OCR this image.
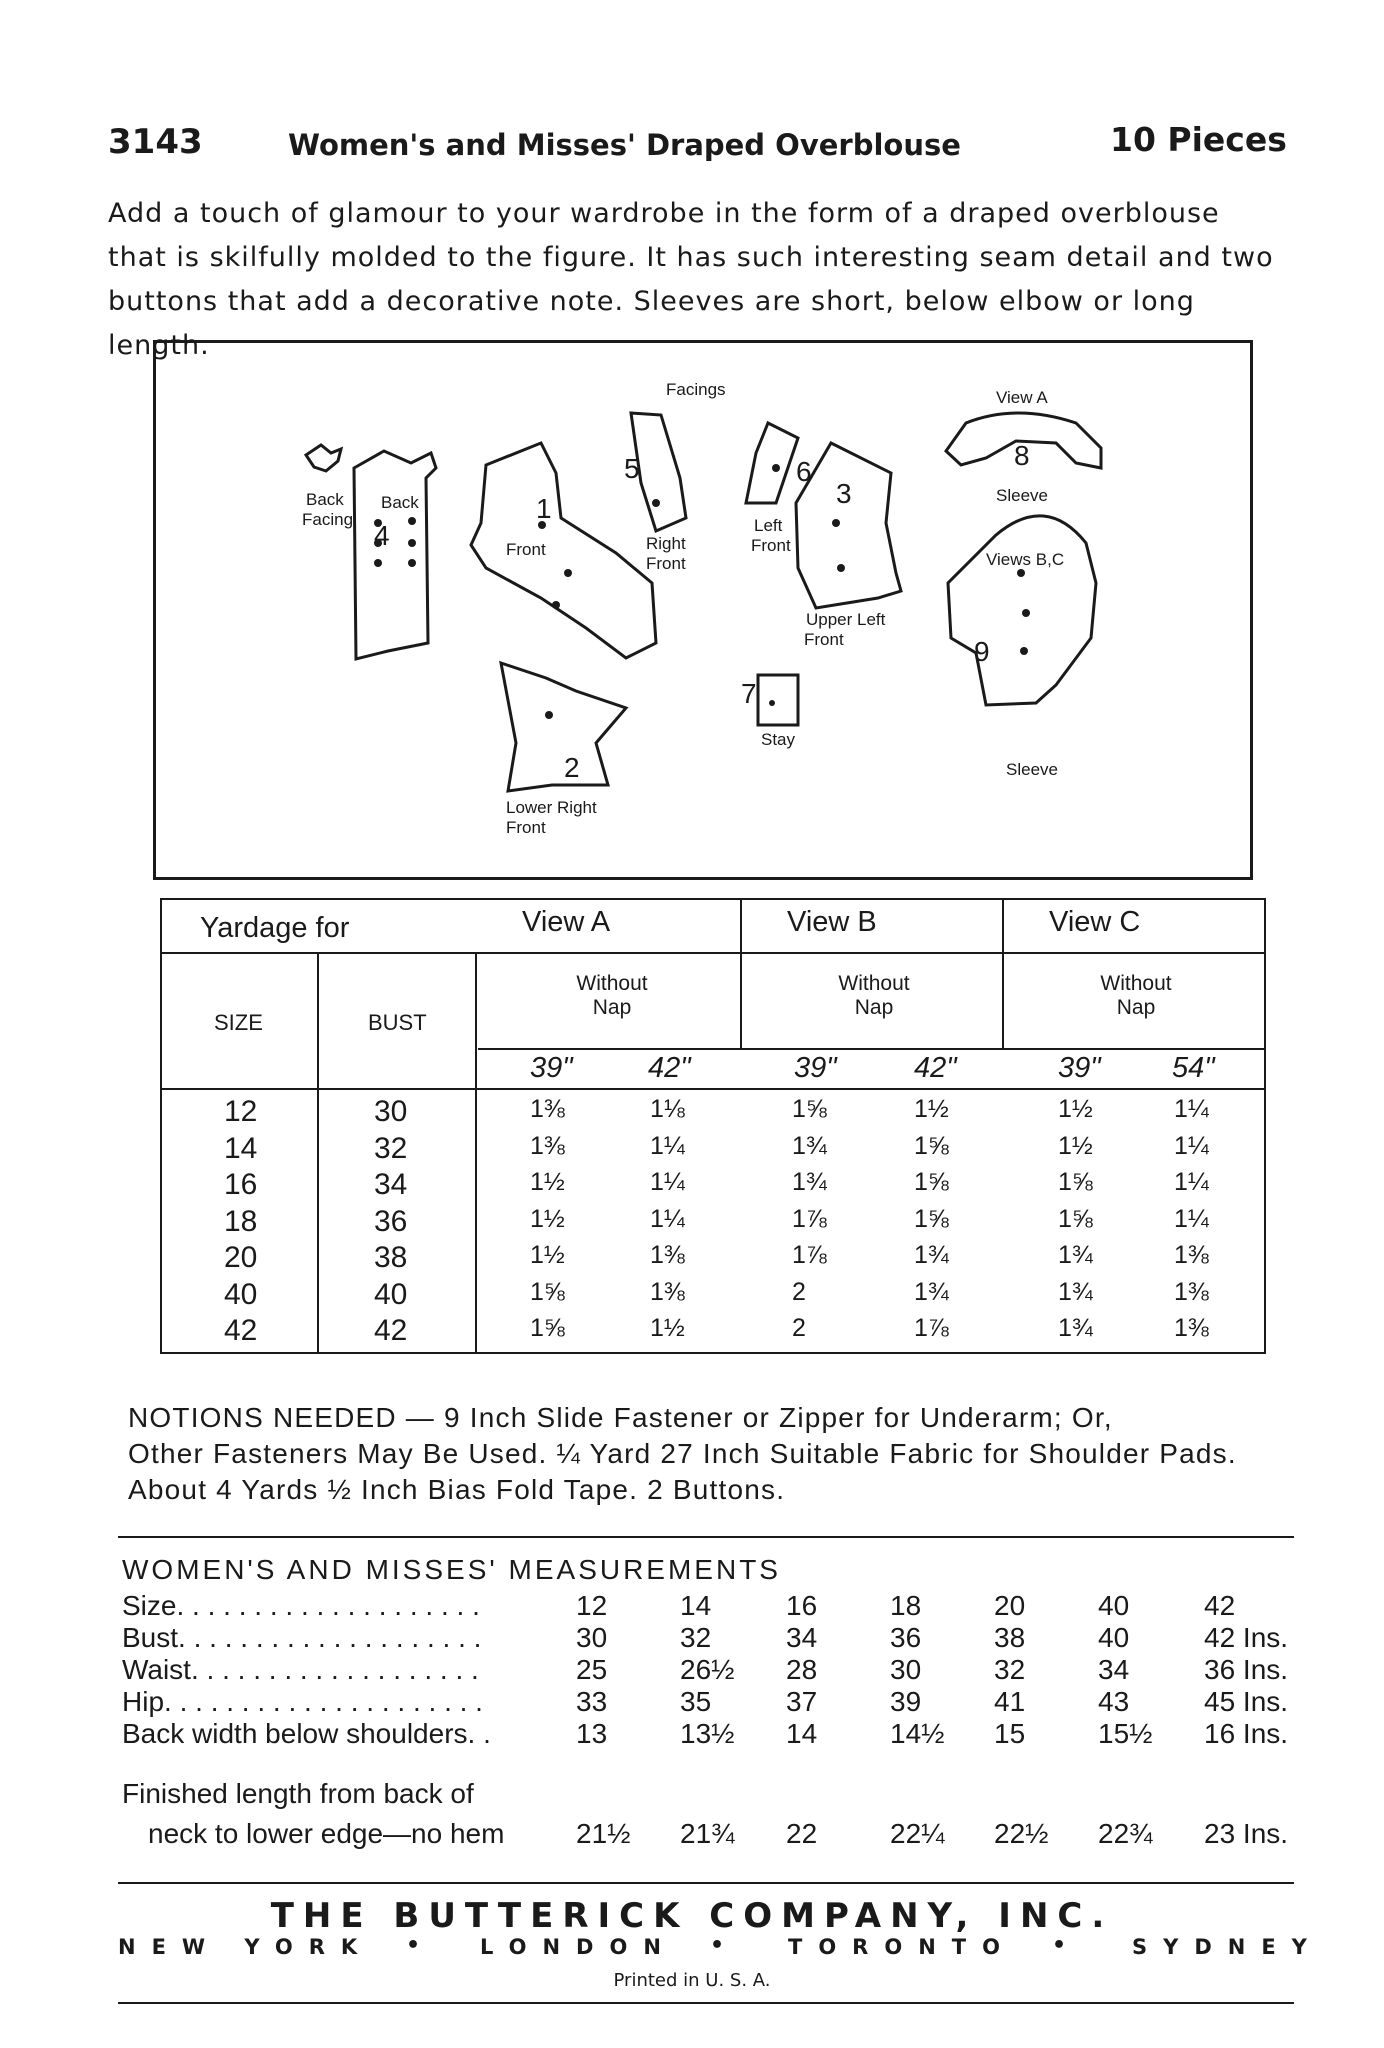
3143	Women's and Misses' Draped Overblouse	10 Pieces
Add a touch of glamour to your wardrobe in the form of a draped overblouse
that is skilfully molded to the figure. It has such interesting seam detail and two
buttons that add a decorative note. Sleeves are short, below elbow or long length.
Facings	View A
Views B,C
Back
Facing
Back
4
1
Front
5
Right
Front
6
Left
Front
3
Upper Left
Front
7
Stay
2
Lower Right
Front
8
Sleeve
9
Sleeve
Yardage for
SIZE	BUST
View A	View B	View C
Without
Nap
Without
Nap
Without
Nap
39"	42"	39"	42"	39" 54"
12	30	1⅜	1⅛	1⅝	1½	1½	1¼
14	32	1⅜	1¼	1¾	1⅝	1½	1¼
16	34	1½	1¼	1¾	1⅝	1⅝	1¼
18	36	1½	1¼	1⅞	1⅝	1⅝	1¼
20	38	1½	1⅜	1⅞	1¾	1¾	1⅜
40	40	1⅝	1⅜	2	1¾	1¾	1⅜
42	42	1⅝	1½	2	1⅞	1¾	1⅜
NOTIONS NEEDED — 9 Inch Slide Fastener or Zipper for Underarm; Or,
Other Fasteners May Be Used. ¼ Yard 27 Inch Suitable Fabric for Shoulder Pads.
About 4 Yards ½ Inch Bias Fold Tape. 2 Buttons.
WOMEN'S AND MISSES' MEASUREMENTS
Size. . . . . . . . . . . . . . . . . . . .	12	14	16	18	20	40	42
Bust. . . . . . . . . . . . . . . . . . . .	30	32	34	36	38	40	42 Ins.
Waist. . . . . . . . . . . . . . . . . . .	25	26½ 28	30	32	34	36 Ins.
Hip. . . . . . . . . . . . . . . . . . . . .	33	35	37	39	41	43	45 Ins.
Back width below shoulders. .	13	13½ 14	14½ 15	15½ 16 Ins.
Finished length from back of
neck to lower edge—no hem	21½ 21¾ 22	22¼ 22½ 22¾ 23 Ins.
THE BUTTERICK COMPANY, INC.
NEW YORK •	LONDON •	TORONTO •	SYDNEY
Printed in U. S. A.
